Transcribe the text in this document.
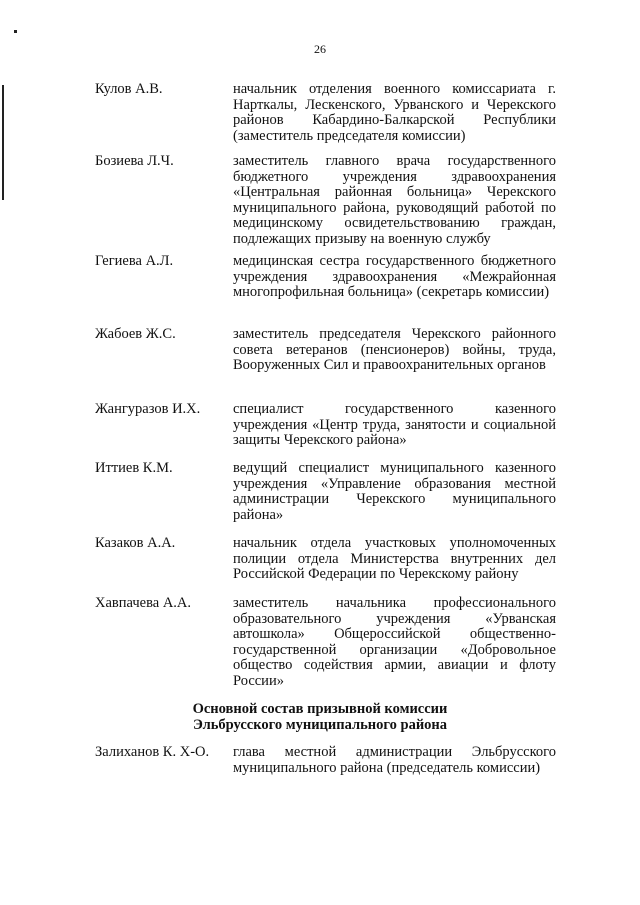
26
Кулов А.В.	начальник отделения военного комиссариата г. Нарткалы, Лескенского, Урванского и Черекского районов Кабардино-Балкарской Республики (заместитель председателя комиссии)
Бозиева Л.Ч.	заместитель главного врача государственного бюджетного учреждения здравоохранения «Центральная районная больница» Черекского муниципального района, руководящий работой по медицинскому освидетельствованию граждан, подлежащих призыву на военную службу
Гегиева А.Л.	медицинская сестра государственного бюджетного учреждения здравоохранения «Межрайонная многопрофильная больница» (секретарь комиссии)
Жабоев Ж.С.	заместитель председателя Черекского районного совета ветеранов (пенсионеров) войны, труда, Вооруженных Сил и правоохранительных органов
Жангуразов И.Х. специалист государственного казенного учреждения «Центр труда, занятости и социальной защиты Черекского района»
Иттиев К.М.	ведущий специалист муниципального казенного учреждения «Управление образования местной администрации Черекского муниципального района»
Казаков А.А.	начальник отдела участковых уполномоченных полиции отдела Министерства внутренних дел Российской Федерации по Черекскому району
Хавпачева А.А.	заместитель начальника профессионального образовательного учреждения «Урванская автошкола» Общероссийской общественно-государственной организации «Добровольное общество содействия армии, авиации и флоту России»
Основной состав призывной комиссии
Эльбрусского муниципального района
Залиханов К. Х-О. глава местной администрации Эльбрусского муниципального района (председатель комиссии)
